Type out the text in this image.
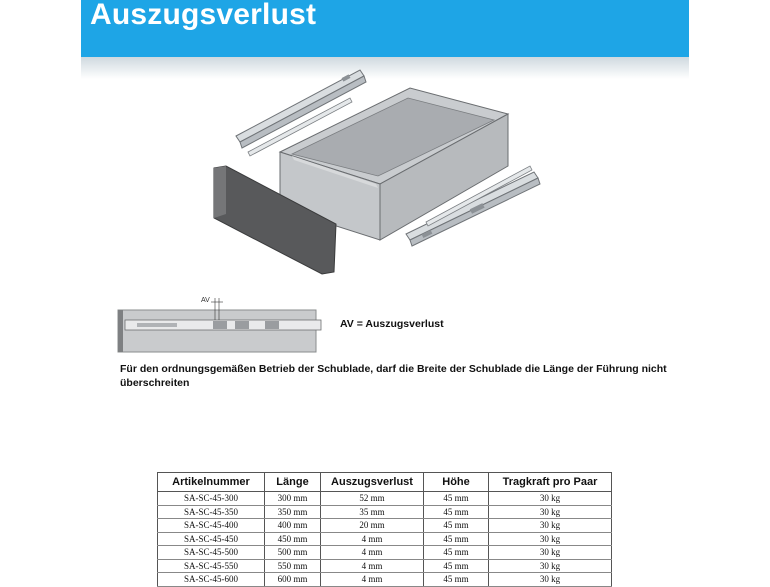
Auszugsverlust
AV
AV = Auszugsverlust
Für den ordnungsgemäßen Betrieb der Schublade, darf die Breite der Schublade die Länge der Führung nicht überschreiten
Artikelnummer	Länge	Auszugsverlust	Höhe	Tragkraft pro Paar
SA-SC-45-300	300 mm	52 mm	45 mm	30 kg
SA-SC-45-350	350 mm	35 mm	45 mm	30 kg
SA-SC-45-400	400 mm	20 mm	45 mm	30 kg
SA-SC-45-450	450 mm	4 mm	45 mm	30 kg
SA-SC-45-500	500 mm	4 mm	45 mm	30 kg
SA-SC-45-550	550 mm	4 mm	45 mm	30 kg
SA-SC-45-600	600 mm	4 mm	45 mm	30 kg
